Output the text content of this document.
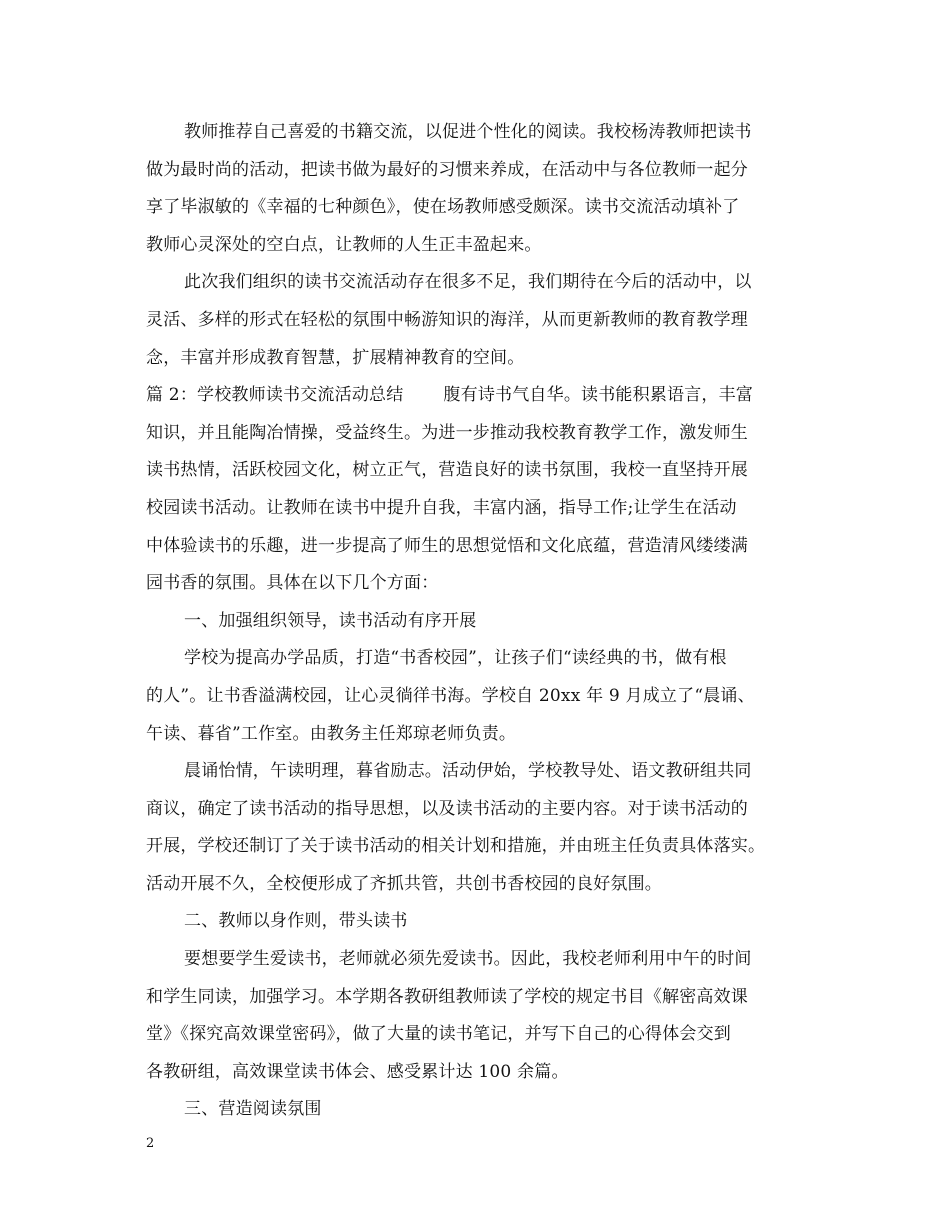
教师推荐自己喜爱的书籍交流，以促进个性化的阅读。我校杨涛教师把读书
做为最时尚的活动，把读书做为最好的习惯来养成，在活动中与各位教师一起分
享了毕淑敏的《幸福的七种颜色》，使在场教师感受颇深。读书交流活动填补了
教师心灵深处的空白点，让教师的人生正丰盈起来。
此次我们组织的读书交流活动存在很多不足，我们期待在今后的活动中，以
灵活、多样的形式在轻松的氛围中畅游知识的海洋，从而更新教师的教育教学理
念，丰富并形成教育智慧，扩展精神教育的空间。
篇 2：学校教师读书交流活动总结 腹有诗书气自华。读书能积累语言，丰富
知识，并且能陶冶情操，受益终生。为进一步推动我校教育教学工作，激发师生
读书热情，活跃校园文化，树立正气，营造良好的读书氛围，我校一直坚持开展
校园读书活动。让教师在读书中提升自我，丰富内涵，指导工作;让学生在活动
中体验读书的乐趣，进一步提高了师生的思想觉悟和文化底蕴，营造清风缕缕满
园书香的氛围。具体在以下几个方面：
一、加强组织领导，读书活动有序开展
学校为提高办学品质，打造“书香校园”，让孩子们“读经典的书，做有根
的人”。让书香溢满校园，让心灵徜徉书海。学校自 20xx 年 9 月成立了“晨诵、
午读、暮省”工作室。由教务主任郑琼老师负责。
晨诵怡情，午读明理，暮省励志。活动伊始，学校教导处、语文教研组共同
商议，确定了读书活动的指导思想，以及读书活动的主要内容。对于读书活动的
开展，学校还制订了关于读书活动的相关计划和措施，并由班主任负责具体落实。
活动开展不久，全校便形成了齐抓共管，共创书香校园的良好氛围。
二、教师以身作则，带头读书
要想要学生爱读书，老师就必须先爱读书。因此，我校老师利用中午的时间
和学生同读，加强学习。本学期各教研组教师读了学校的规定书目《解密高效课
堂》《探究高效课堂密码》，做了大量的读书笔记，并写下自己的心得体会交到
各教研组，高效课堂读书体会、感受累计达 100 余篇。
三、营造阅读氛围
2
